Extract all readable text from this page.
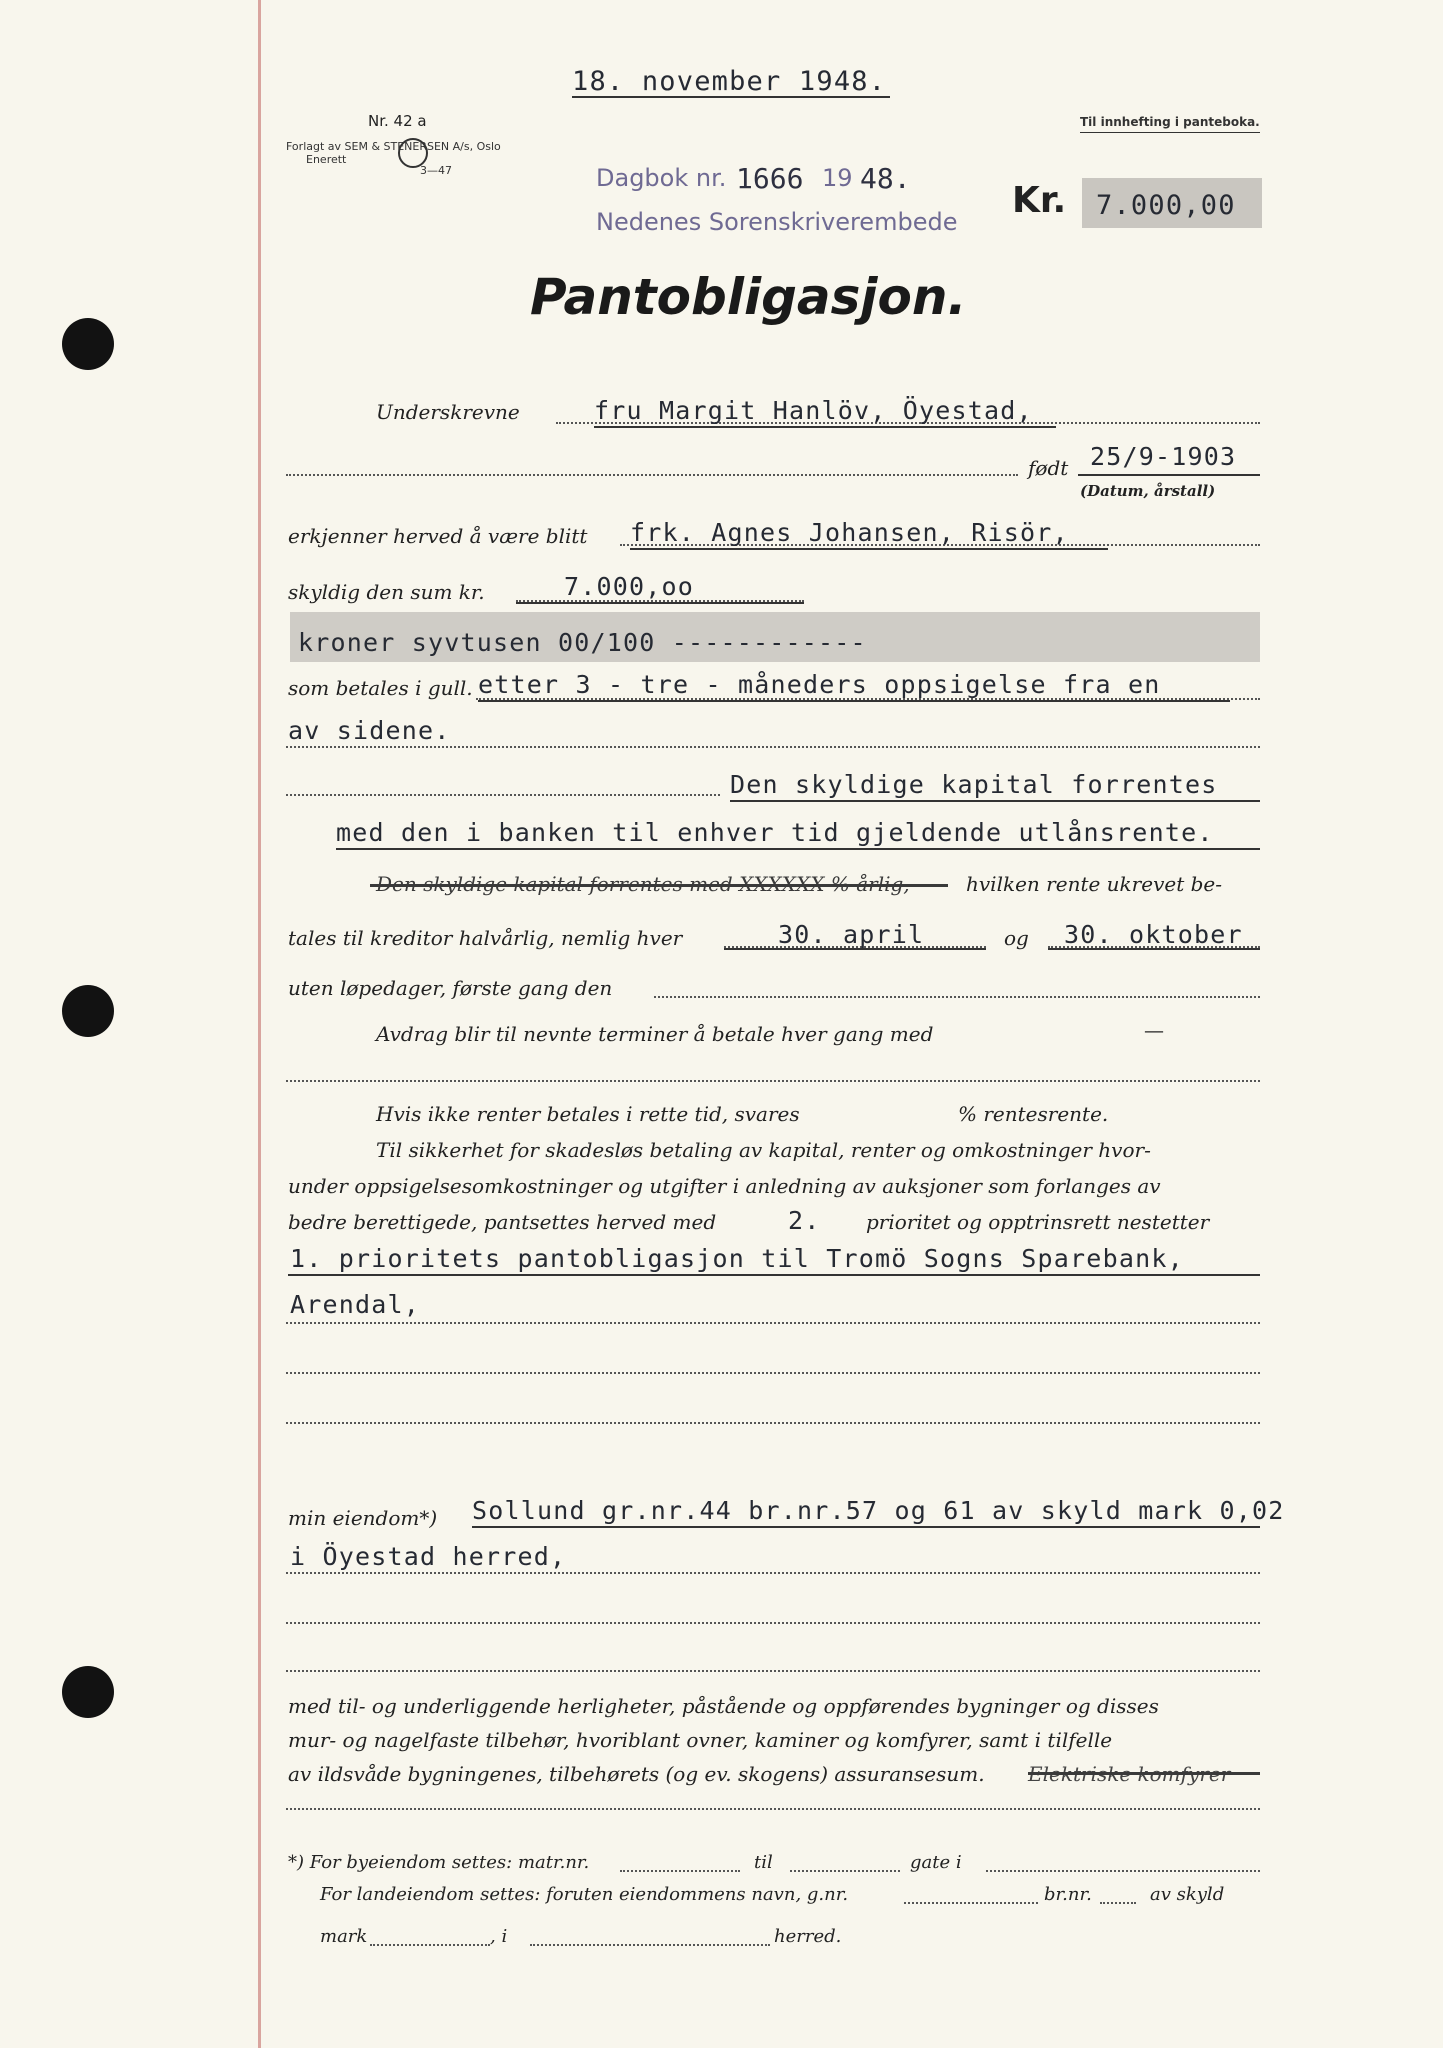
18. november 1948.
Nr. 42 a
Forlagt av SEM & STENERSEN A/s, Oslo
Enerett
3—47
Til innhefting i panteboka.
Dagbok nr. 1666 19 48.
Nedenes Sorenskriverembede
Kr. 7.000,00
Pantobligasjon.
Underskrevne	fru Margit Hanlöv, Öyestad,
født 25/9-1903
(Datum, årstall)
erkjenner herved å være blitt frk. Agnes Johansen, Risör,
skyldig den sum kr.	7.000,oo
kroner syvtusen 00/100 ------------
som betales i gull. etter 3 - tre - måneders oppsigelse fra en
av sidene.
Den skyldige kapital forrentes
med den i banken til enhver tid gjeldende utlånsrente.
Den skyldige kapital forrentes med XXXXXX % årlig,	hvilken rente ukrevet be-
tales til kreditor halvårlig, nemlig hver	30. april	og 30. oktober
uten løpedager, første gang den
Avdrag blir til nevnte terminer å betale hver gang med	—
Hvis ikke renter betales i rette tid, svares	% rentesrente.
Til sikkerhet for skadesløs betaling av kapital, renter og omkostninger hvor-
under oppsigelsesomkostninger og utgifter i anledning av auksjoner som forlanges av
bedre berettigede, pantsettes herved med	2. prioritet og opptrinsrett nestetter
1. prioritets pantobligasjon til Tromö Sogns Sparebank,
Arendal,
min eiendom*) Sollund gr.nr.44 br.nr.57 og 61 av skyld mark 0,02
i Öyestad herred,
med til- og underliggende herligheter, påstående og oppførendes bygninger og disses
mur- og nagelfaste tilbehør, hvoriblant ovner, kaminer og komfyrer, samt i tilfelle
av ildsvåde bygningenes, tilbehørets (og ev. skogens) assuransesum. Elektriske komfyrer
*) For byeiendom settes: matr.nr.	til	gate i
For landeiendom settes: foruten eiendommens navn, g.nr.	br.nr.	av skyld
mark	, i	herred.
